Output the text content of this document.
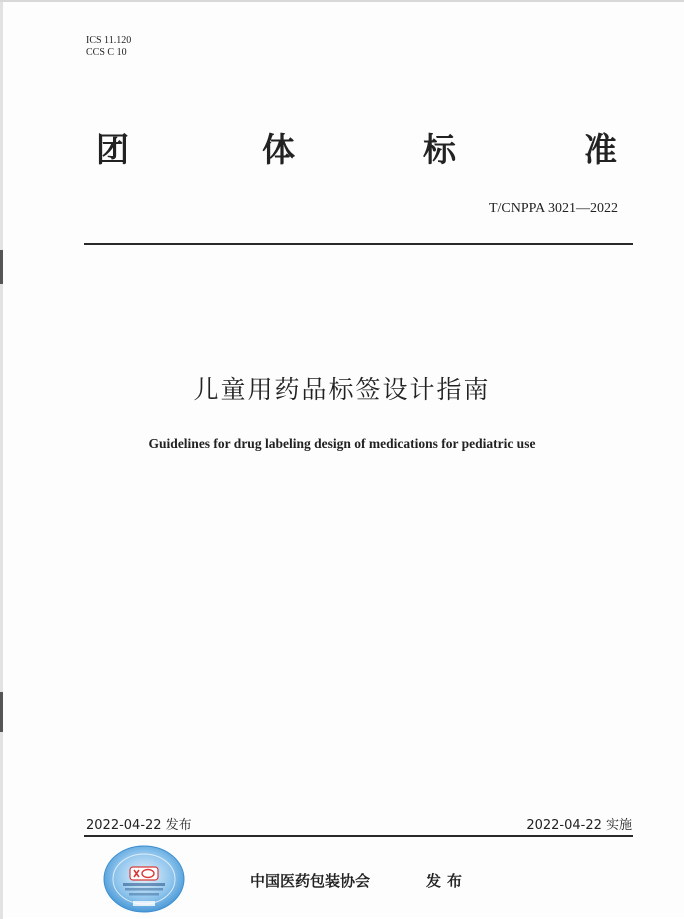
ICS 11.120
CCS C 10
团	体	标	准
T/CNPPA 3021—2022
儿童用药品标签设计指南
Guidelines for drug labeling design of medications for pediatric use
2022-04-22 发布	2022-04-22 实施
中国医药包装协会	发布
